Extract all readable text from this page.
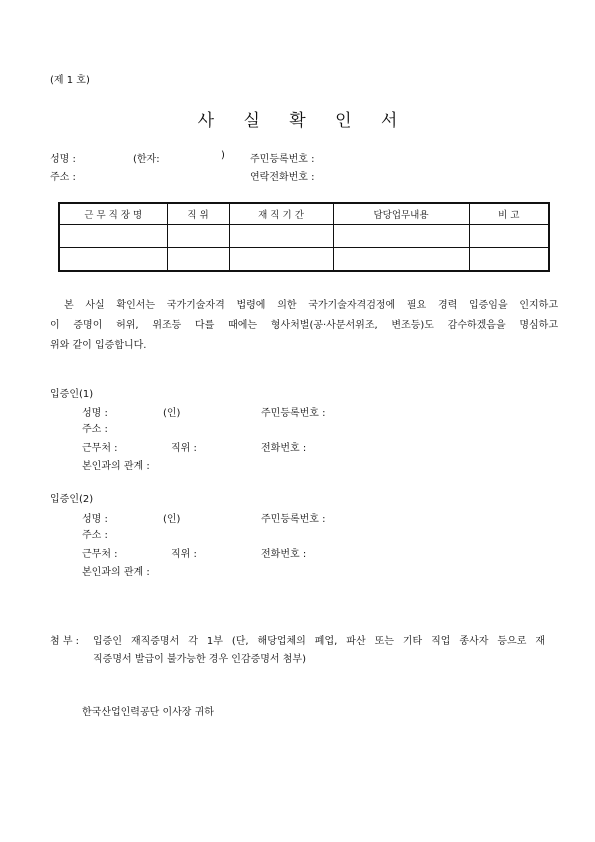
(제 1 호)
사 실 확 인 서
성명 :	(한자:	)	주민등록번호 :
주소 :	연락전화번호 :
근 무 직 장 명	직 위	재 직 기 간	담당업무내용	비 고

본 사실 확인서는 국가기술자격 법령에 의한 국가기술자격검정에 필요 경력 입증임을 인지하고

이 증명이 허위, 위조등 다를 때에는 형사처벌(공·사문서위조, 변조등)도 감수하겠음을 명심하고

위와 같이 입증합니다.

입증인(1)
성명 :	(인)	주민등록번호 :
주소 :
근무처 :	직위 :	전화번호 :
본인과의 관계 :
입증인(2)
성명 :	(인)	주민등록번호 :
주소 :
근무처 :	직위 :	전화번호 :
본인과의 관계 :
첨 부 : 입증인 재직증명서 각 1부 (단, 해당업체의 폐업, 파산 또는 기타 직업 종사자 등으로 재
직증명서 발급이 불가능한 경우 인감증명서 첨부)
한국산업인력공단 이사장 귀하
